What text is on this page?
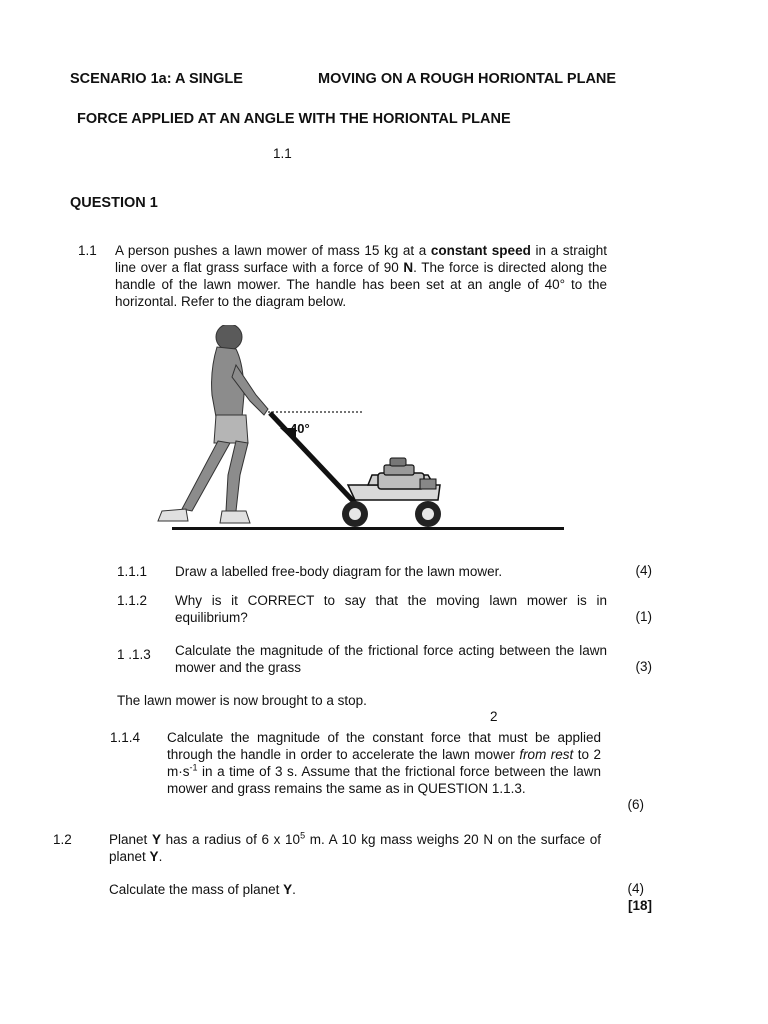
SCENARIO 1a: A SINGLE	MOVING ON A ROUGH HORIONTAL PLANE
FORCE APPLIED AT AN ANGLE WITH THE HORIONTAL PLANE
1.1
QUESTION 1
1.1 A person pushes a lawn mower of mass 15 kg at a constant speed in a straight line over a flat grass surface with a force of 90 N. The force is directed along the handle of the lawn mower. The handle has been set at an angle of 40° to the horizontal. Refer to the diagram below.
40°
1.1.1 Draw a labelled free-body diagram for the lawn mower.	(4)
1.1.2 Why is it CORRECT to say that the moving lawn mower is in equilibrium?	(1)
1 .1.3 Calculate the magnitude of the frictional force acting between the lawn mower and the grass	(3)
The lawn mower is now brought to a stop.
2
1.1.4 Calculate the magnitude of the constant force that must be applied through the handle in order to accelerate the lawn mower from rest to 2 $m\cdot s^{-1}$ in a time of 3 s. Assume that the frictional force between the lawn mower and grass remains the same as in QUESTION 1.1.3.
(6)
1.2	Planet Y has a radius of 6 x $10^5$ m. A 10 kg mass weighs 20 N on the surface of planet Y.
Calculate the mass of planet Y.	(4)
[18]
